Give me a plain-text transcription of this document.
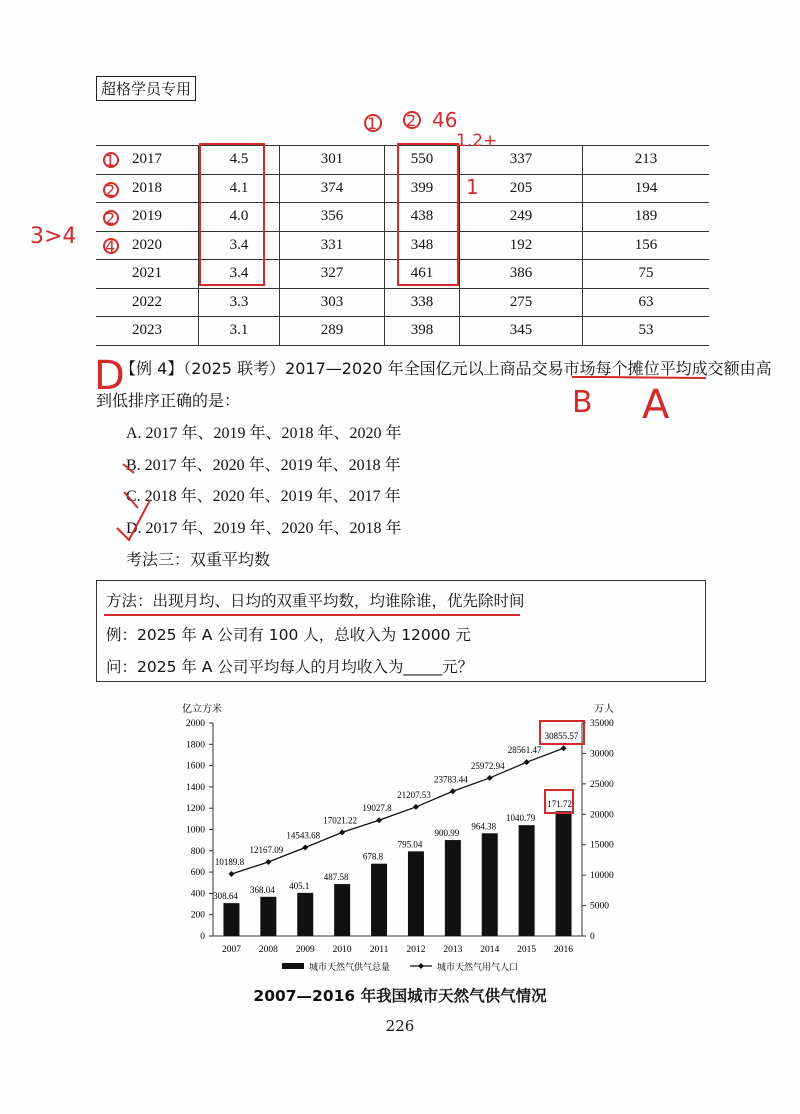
超格学员专用
2017	4.5	301	550	337	213
2018	4.1	374	399	205	194
2019	4.0	356	438	249	189
2020	3.4	331	348	192	156
2021	3.4	327	461	386	75
2022	3.3	303	338	275	63
2023	3.1	289	398	345	53
【例 4】（2025 联考）2017—2020 年全国亿元以上商品交易市场每个摊位平均成交额由高
到低排序正确的是：
A. 2017 年、2019 年、2018 年、2020 年
B. 2017 年、2020 年、2019 年、2018 年
C. 2018 年、2020 年、2019 年、2017 年
D. 2017 年、2019 年、2020 年、2018 年
考法三：双重平均数
方法：出现月均、日均的双重平均数，均谁除谁，优先除时间
例：2025 年 A 公司有 100 人，总收入为 12000 元
问：2025 年 A 公司平均每人的月均收入为_____元？
1
2
2
4
1 2 46
1.2+
1
3>4
D
B A
亿立方米	万人
0
200
400
600
800
1000
1200
1400
1600
1800
2000
0
5000
10000
15000
20000
25000
30000
35000
308.64
2007
368.04
2008
405.1
2009
487.58
2010
678.8
2011
795.04
2012
900.99
2013
964.38
2014
1040.79
2015
1171.72
2016
10189.8
12167.09
14543.68
17021.22
19027.8
21207.53
23783.44
25972.94
28561.47
30855.57
城市天然气供气总量	城市天然气用气人口
2007—2016 年我国城市天然气供气情况
226
